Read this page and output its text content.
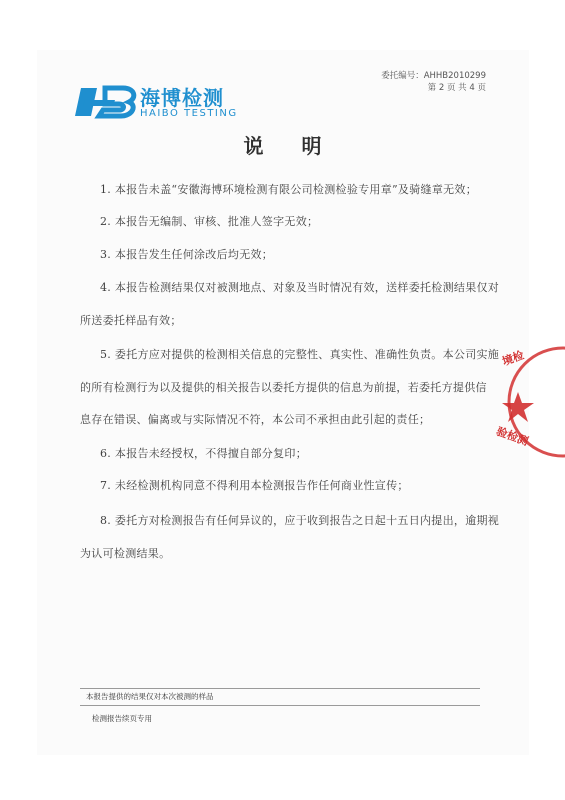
海博检测
HAIBO TESTING
委托编号：AHHB2010299
第 2 页 共 4 页
说明
1. 本报告未盖“安徽海博环境检测有限公司检测检验专用章”及骑缝章无效；
2. 本报告无编制、审核、批准人签字无效；
3. 本报告发生任何涂改后均无效；
4. 本报告检测结果仅对被测地点、对象及当时情况有效，送样委托检测结果仅对
所送委托样品有效；
5. 委托方应对提供的检测相关信息的完整性、真实性、准确性负责。本公司实施
的所有检测行为以及提供的相关报告以委托方提供的信息为前提，若委托方提供信
息存在错误、偏离或与实际情况不符，本公司不承担由此引起的责任；
6. 本报告未经授权，不得擅自部分复印；
7. 未经检测机构同意不得利用本检测报告作任何商业性宣传；
8. 委托方对检测报告有任何异议的，应于收到报告之日起十五日内提出，逾期视
为认可检测结果。
境检
验检测
本报告提供的结果仅对本次被测的样品
检测报告续页专用
